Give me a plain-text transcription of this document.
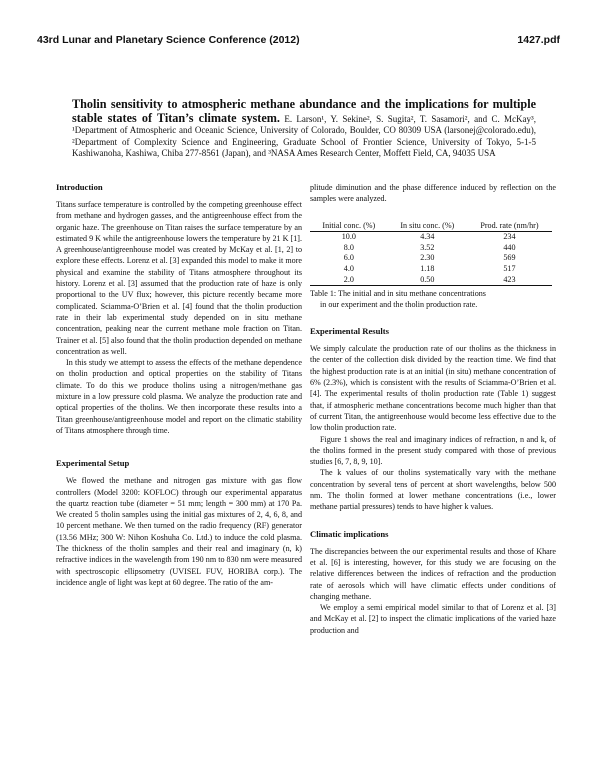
43rd Lunar and Planetary Science Conference (2012)	1427.pdf
Tholin sensitivity to atmospheric methane abundance and the implications for multiple stable states of Titan’s climate system. E. Larson¹, Y. Sekine², S. Sugita², T. Sasamori², and C. McKay³, ¹Department of Atmospheric and Oceanic Science, University of Colorado, Boulder, CO 80309 USA (larsonej@colorado.edu), ²Department of Complexity Science and Engineering, Graduate School of Frontier Science, University of Tokyo, 5-1-5 Kashiwanoha, Kashiwa, Chiba 277-8561 (Japan), and ³NASA Ames Research Center, Moffett Field, CA, 94035 USA
Introduction

Titans surface temperature is controlled by the competing greenhouse effect from methane and hydrogen gasses, and the antigreenhouse effect from the organic haze. The greenhouse on Titan raises the surface temperature by an estimated 9 K while the antigreenhouse lowers the temperature by 21 K [1]. A greenhouse/antigreenhouse model was created by McKay et al. [1, 2] to explore these effects. Lorenz et al. [3] expanded this model to make it more physical and examine the stability of Titans atmosphere throughout its history. Lorenz et al. [3] assumed that the production rate of haze is only proportional to the UV flux; however, this picture recently became more complicated. Sciamma-O’Brien et al. [4] found that the tholin production rate in their lab experimental study depended on in situ methane concentration, peaking near the current methane mole fraction on Titan. Trainer et al. [5] also found that the tholin production depended on methane concentration as well.

In this study we attempt to assess the effects of the methane dependence on tholin production and optical properties on the stability of Titans climate. To do this we produce tholins using a nitrogen/methane gas mixture in a low pressure cold plasma. We analyze the production rate and optical properties of the tholins. We then incorporate these results into a Titan greenhouse/antigreenhouse model and report on the climatic stability of Titans atmosphere through time.

Experimental Setup

We flowed the methane and nitrogen gas mixture with gas flow controllers (Model 3200: KOFLOC) through our experimental apparatus the quartz reaction tube (diameter = 51 mm; length = 300 mm) at 170 Pa. We created 5 tholin samples using the initial gas mixtures of 2, 4, 6, 8, and 10 percent methane. We then turned on the radio frequency (RF) generator (13.56 MHz; 300 W: Nihon Koshuha Co. Ltd.) to induce the cold plasma. The thickness of the tholin samples and their real and imaginary (n, k) refractive indices in the wavelength from 190 nm to 830 nm were measured with spectroscopic ellipsometry (UVISEL FUV, HORIBA corp.). The incidence angle of light was kept at 60 degree. The ratio of the am-

plitude diminution and the phase difference induced by reflection on the samples were analyzed.

Initial conc. (%)	In situ conc. (%)	Prod. rate (nm/hr)
10.0	4.34	234
8.0	3.52	440
6.0	2.30	569
4.0	1.18	517
2.0	0.50	423
Table 1: The initial and in situ methane concentrations
in our experiment and the tholin production rate.
Experimental Results

We simply calculate the production rate of our tholins as the thickness in the center of the collection disk divided by the reaction time. We find that the highest production rate is at an initial (in situ) methane concentration of 6% (2.3%), which is consistent with the results of Sciamma-O’Brien et al. [4]. The experimental results of tholin production rate (Table 1) suggest that, if atmospheric methane concentrations become much higher than that of current Titan, the antigreenhouse would become less effective due to the low tholin production rate.

Figure 1 shows the real and imaginary indices of refraction, n and k, of the tholins formed in the present study compared with those of previous studies [6, 7, 8, 9, 10].

The k values of our tholins systematically vary with the methane concentration by several tens of percent at short wavelengths, below 500 nm. The tholin formed at lower methane concentrations (i.e., lower methane partial pressures) tends to have higher k values.

Climatic implications

The discrepancies between the our experimental results and those of Khare et al. [6] is interesting, however, for this study we are focusing on the relative differences between the indices of refraction and the production rate of aerosols which will have climatic effects under conditions of changing methane.

We employ a semi empirical model similar to that of Lorenz et al. [3] and McKay et al. [2] to inspect the climatic implications of the varied haze production and
